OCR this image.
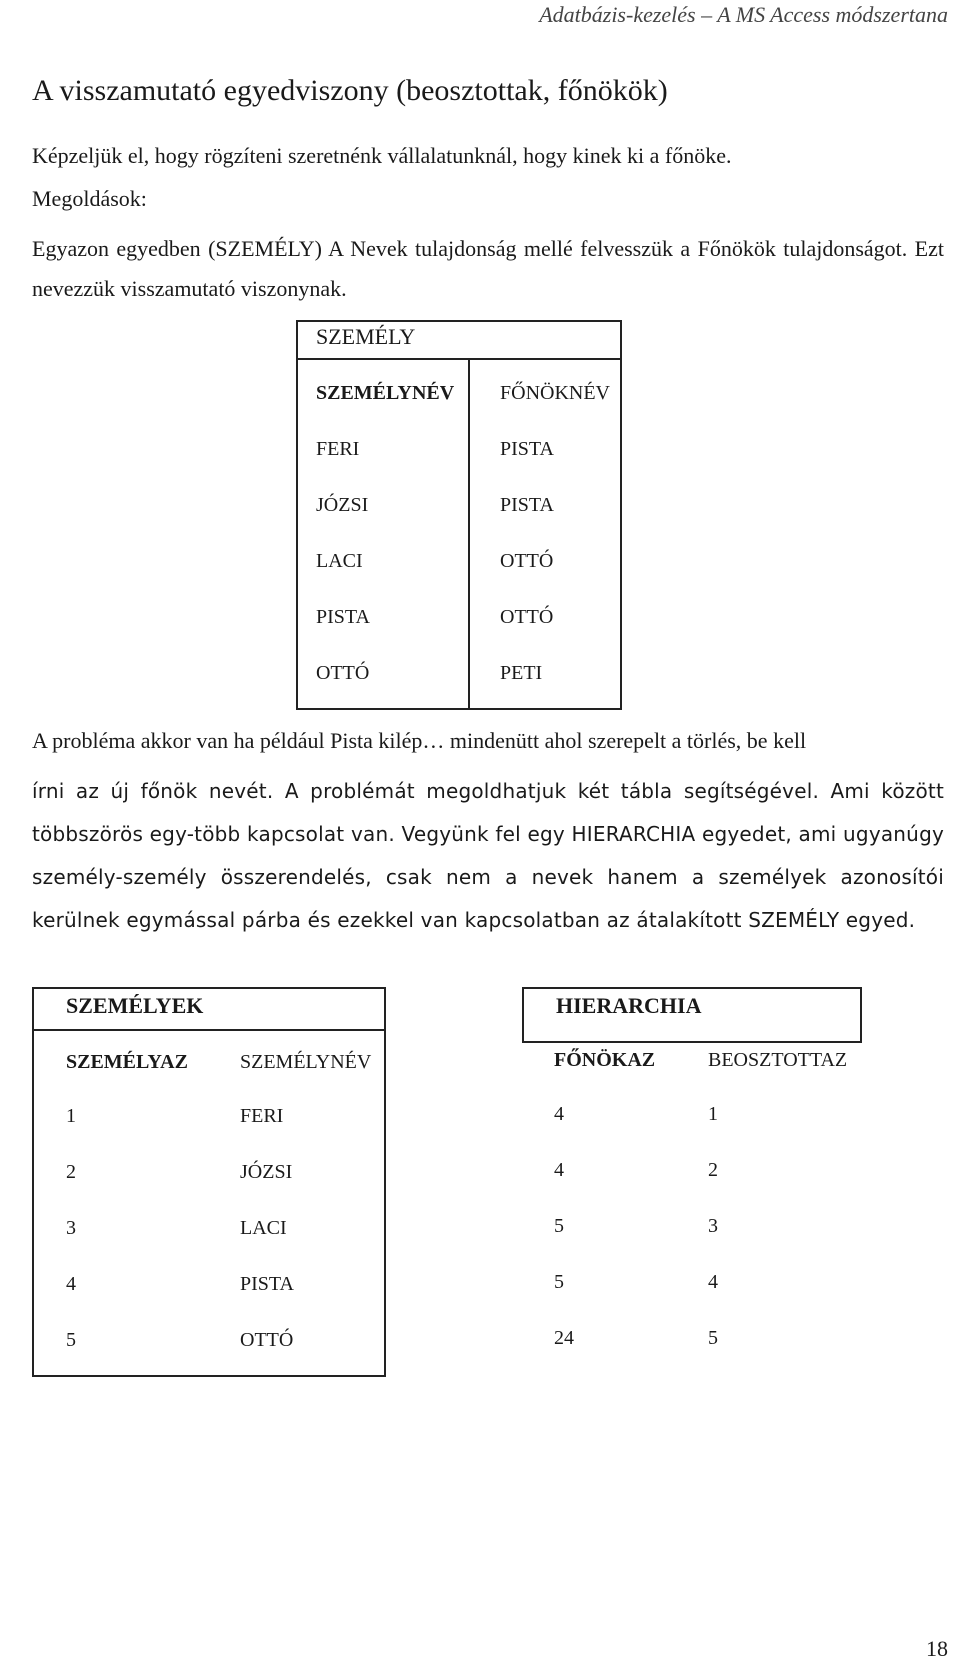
Adatbázis-kezelés – A MS Access módszertana
A visszamutató egyedviszony (beosztottak, főnökök)
Képzeljük el, hogy rögzíteni szeretnénk vállalatunknál, hogy kinek ki a főnöke.
Megoldások:
Egyazon egyedben (SZEMÉLY) A Nevek tulajdonság mellé felvesszük a Főnökök tulajdonságot. Ezt nevezzük visszamutató viszonynak.
SZEMÉLY
SZEMÉLYNÉV FŐNÖKNÉV
FERI	PISTA
JÓZSI	PISTA
LACI	OTTÓ
PISTA	OTTÓ
OTTÓ	PETI
A probléma akkor van ha például Pista kilép… mindenütt ahol szerepelt a törlés, be kell
írni az új főnök nevét. A problémát megoldhatjuk két tábla segítségével. Ami között többszörös egy-több kapcsolat van. Vegyünk fel egy HIERARCHIA egyedet, ami ugyanúgy személy-személy összerendelés, csak nem a nevek hanem a személyek azonosítói kerülnek egymással párba és ezekkel van kapcsolatban az átalakított SZEMÉLY egyed.
SZEMÉLYEK
SZEMÉLYAZ	SZEMÉLYNÉV
1	FERI
2	JÓZSI
3	LACI
4	PISTA
5	OTTÓ
HIERARCHIA
FŐNÖKAZ	BEOSZTOTTAZ
4	1
4	2
5	3
5	4
24	5
18
